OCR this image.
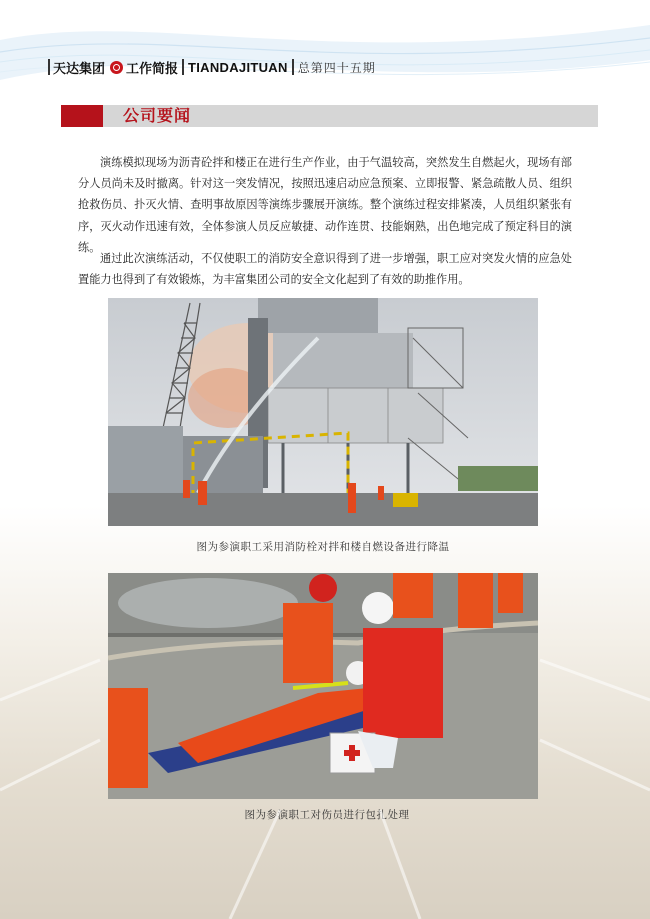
天达集团 工作简报 TIANDAJITUAN 总第四十五期
公司要闻

演练模拟现场为沥青砼拌和楼正在进行生产作业，由于气温较高，突然发生自燃起火，现场有部分人员尚未及时撤离。针对这一突发情况，按照迅速启动应急预案、立即报警、紧急疏散人员、组织抢救伤员、扑灭火情、查明事故原因等演练步骤展开演练。整个演练过程安排紧凑，人员组织紧张有序，灭火动作迅速有效，全体参演人员反应敏捷、动作连贯、技能娴熟，出色地完成了预定科目的演练。

通过此次演练活动，不仅使职工的消防安全意识得到了进一步增强，职工应对突发火情的应急处置能力也得到了有效锻炼，为丰富集团公司的安全文化起到了有效的助推作用。

图为参演职工采用消防栓对拌和楼自燃设备进行降温
图为参演职工对伤员进行包扎处理
